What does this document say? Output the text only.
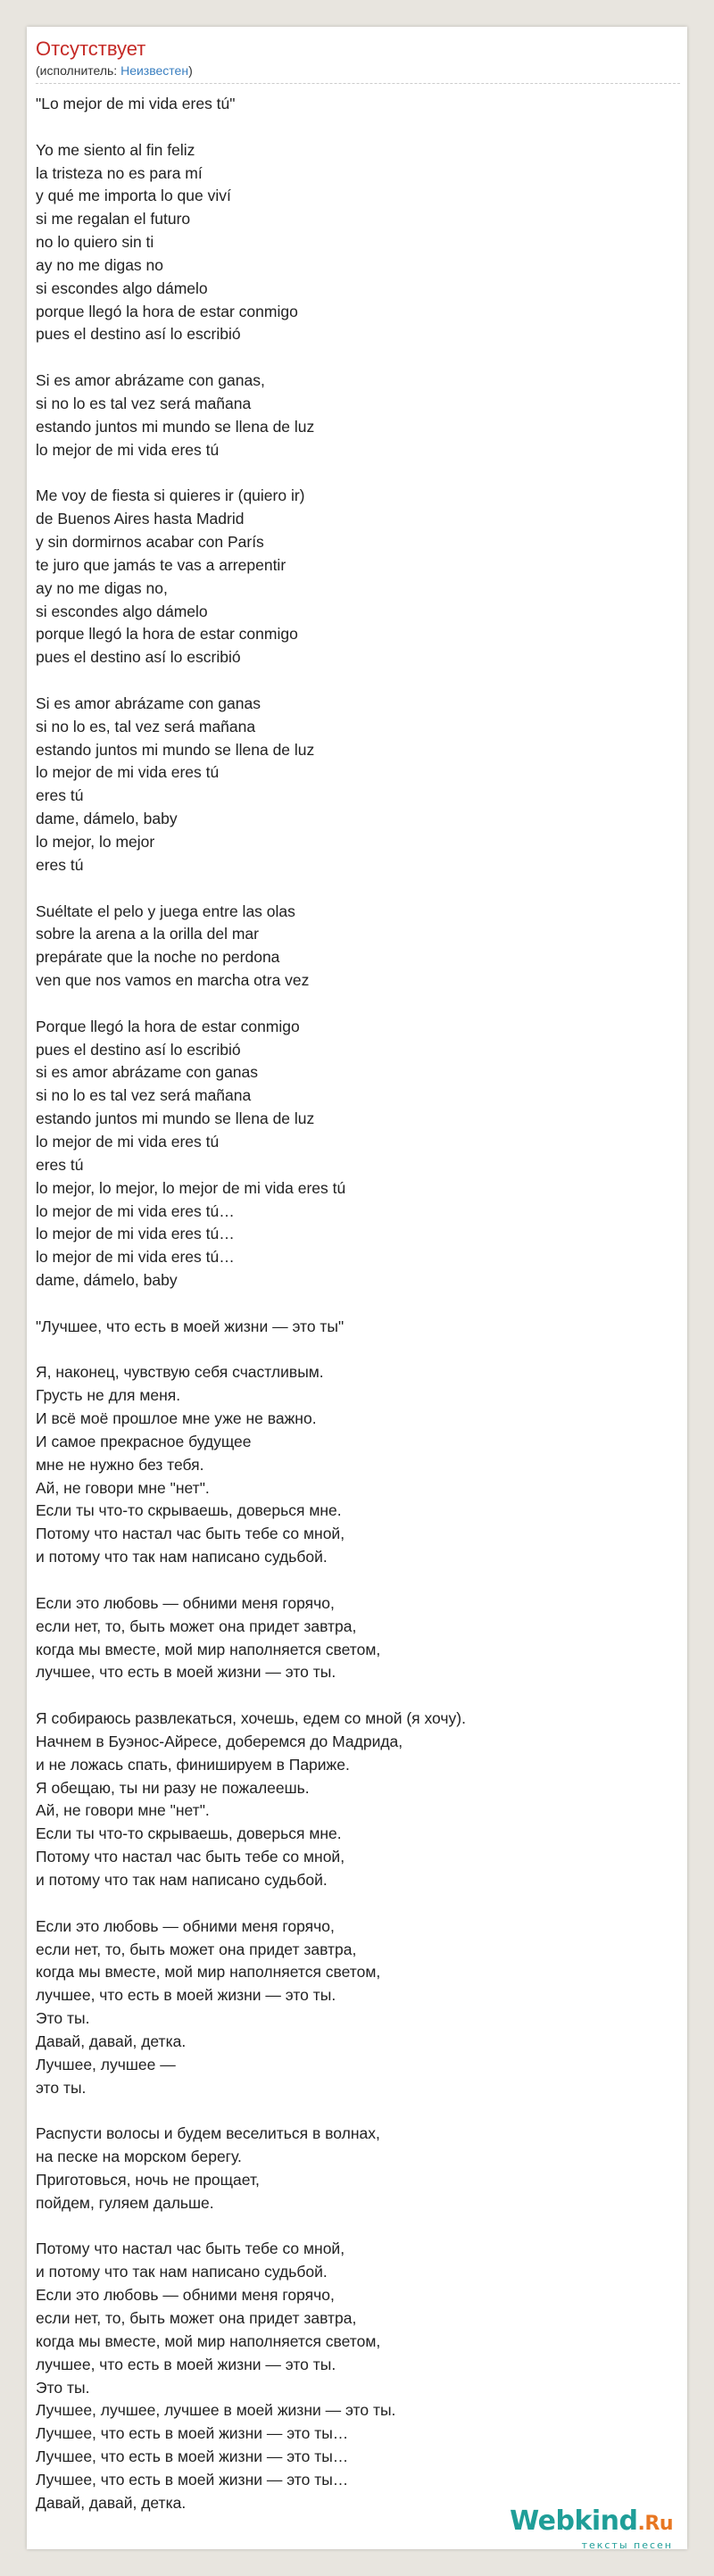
Отсутствует
(исполнитель: Неизвестен)
"Lo mejor de mi vida eres tú"

Yo me siento al fin feliz
la tristeza no es para mí
y qué me importa lo que viví
si me regalan el futuro
no lo quiero sin ti
ay no me digas no
si escondes algo dámelo
porque llegó la hora de estar conmigo
pues el destino así lo escribió

Si es amor abrázame con ganas,
si no lo es tal vez será mañana
estando juntos mi mundo se llena de luz
lo mejor de mi vida eres tú

Me voy de fiesta si quieres ir (quiero ir)
de Buenos Aires hasta Madrid
y sin dormirnos acabar con París
te juro que jamás te vas a arrepentir
ay no me digas no,
si escondes algo dámelo
porque llegó la hora de estar conmigo
pues el destino así lo escribió

Si es amor abrázame con ganas
si no lo es, tal vez será mañana
estando juntos mi mundo se llena de luz
lo mejor de mi vida eres tú
eres tú
dame, dámelo, baby
lo mejor, lo mejor
eres tú

Suéltate el pelo y juega entre las olas
sobre la arena a la orilla del mar
prepárate que la noche no perdona
ven que nos vamos en marcha otra vez

Porque llegó la hora de estar conmigo
pues el destino así lo escribió
si es amor abrázame con ganas
si no lo es tal vez será mañana
estando juntos mi mundo se llena de luz
lo mejor de mi vida eres tú
eres tú
lo mejor, lo mejor, lo mejor de mi vida eres tú
lo mejor de mi vida eres tú…
lo mejor de mi vida eres tú…
lo mejor de mi vida eres tú…
dame, dámelo, baby

"Лучшее, что есть в моей жизни — это ты"

Я, наконец, чувствую себя счастливым.
Грусть не для меня.
И всё моё прошлое мне уже не важно.
И самое прекрасное будущее
мне не нужно без тебя.
Ай, не говори мне "нет".
Если ты что-то скрываешь, доверься мне.
Потому что настал час быть тебе со мной,
и потому что так нам написано судьбой.

Если это любовь — обними меня горячо,
если нет, то, быть может она придет завтра,
когда мы вместе, мой мир наполняется светом,
лучшее, что есть в моей жизни — это ты.

Я собираюсь развлекаться, хочешь, едем со мной (я хочу).
Начнем в Буэнос-Айресе, доберемся до Мадрида,
и не ложась спать, финишируем в Париже.
Я обещаю, ты ни разу не пожалеешь.
Ай, не говори мне "нет".
Если ты что-то скрываешь, доверься мне.
Потому что настал час быть тебе со мной,
и потому что так нам написано судьбой.

Если это любовь — обними меня горячо,
если нет, то, быть может она придет завтра,
когда мы вместе, мой мир наполняется светом,
лучшее, что есть в моей жизни — это ты.
Это ты.
Давай, давай, детка.
Лучшее, лучшее —
это ты.

Распусти волосы и будем веселиться в волнах,
на песке на морском берегу.
Приготовься, ночь не прощает,
пойдем, гуляем дальше.

Потому что настал час быть тебе со мной,
и потому что так нам написано судьбой.
Если это любовь — обними меня горячо,
если нет, то, быть может она придет завтра,
когда мы вместе, мой мир наполняется светом,
лучшее, что есть в моей жизни — это ты.
Это ты.
Лучшее, лучшее, лучшее в моей жизни — это ты.
Лучшее, что есть в моей жизни — это ты…
Лучшее, что есть в моей жизни — это ты…
Лучшее, что есть в моей жизни — это ты…
Давай, давай, детка.
Webkind.Ru
тексты песен
